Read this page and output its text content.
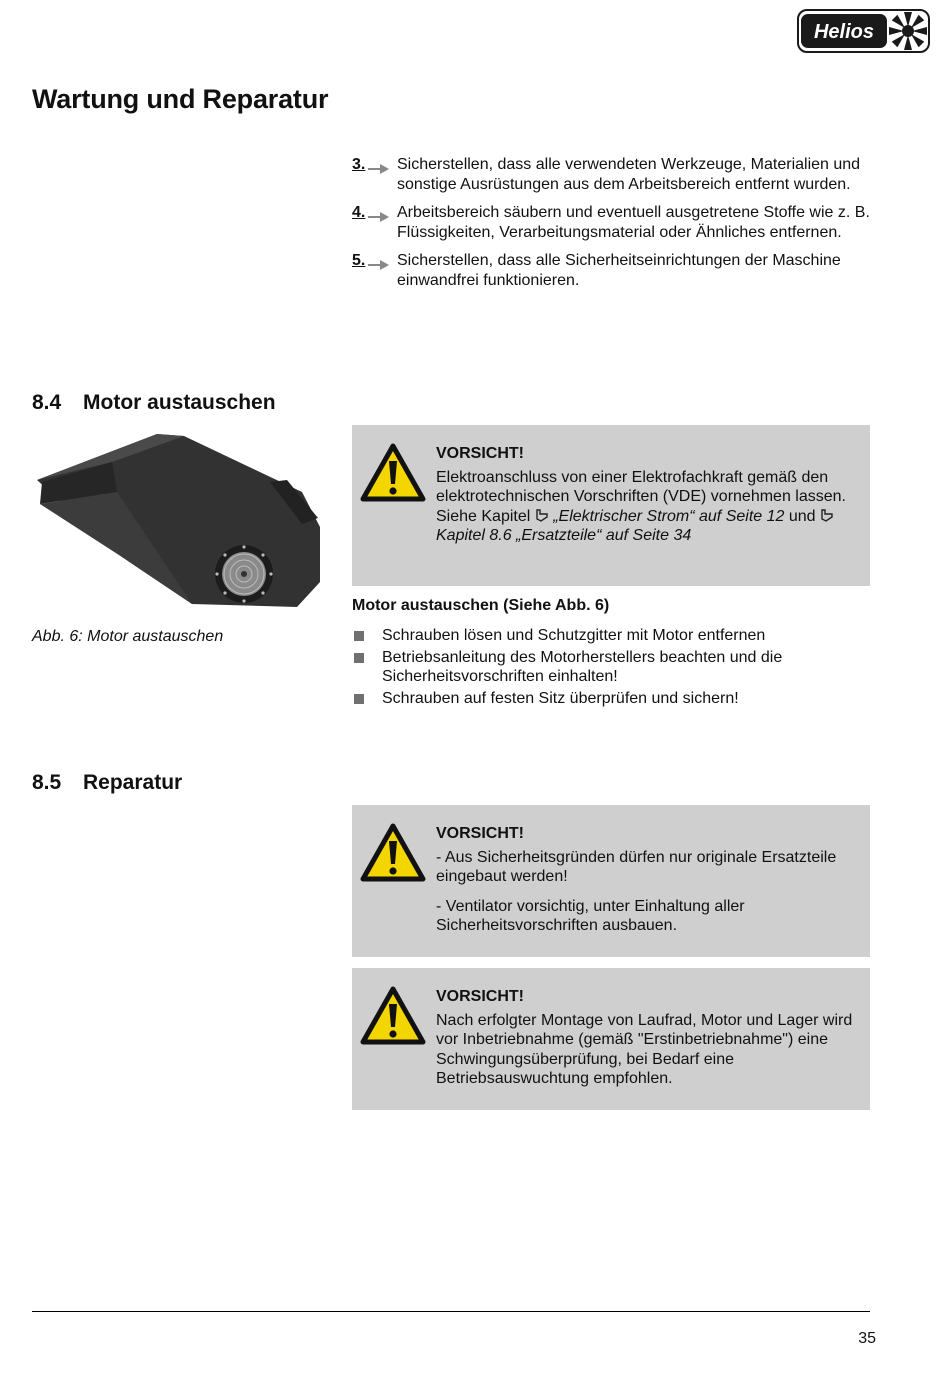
Helios
Wartung und Reparatur
3. Sicherstellen, dass alle verwendeten Werkzeuge, Materialien und sonstige Ausrüstungen aus dem Arbeitsbereich entfernt wurden.
4. Arbeitsbereich säubern und eventuell ausgetretene Stoffe wie z. B. Flüssigkeiten, Verarbeitungsmaterial oder Ähnliches entfernen.
5. Sicherstellen, dass alle Sicherheitseinrichtungen der Maschine einwandfrei funktionieren.
8.4 Motor austauschen
VORSICHT!

Elektroanschluss von einer Elektrofachkraft gemäß den elektrotechnischen Vorschriften (VDE) vornehmen lassen. Siehe Kapitel „Elektrischer Strom“ auf Seite 12 und  Kapitel 8.6 „Ersatzteile“ auf Seite 34

Abb. 6: Motor austauschen
Motor austauschen (Siehe Abb. 6)
Schrauben lösen und Schutzgitter mit Motor entfernen
Betriebsanleitung des Motorherstellers beachten und die Sicherheitsvorschriften einhalten!
Schrauben auf festen Sitz überprüfen und sichern!
8.5 Reparatur
VORSICHT!

- Aus Sicherheitsgründen dürfen nur originale Ersatzteile eingebaut werden!

- Ventilator vorsichtig, unter Einhaltung aller Sicherheitsvorschriften ausbauen.

VORSICHT!

Nach erfolgter Montage von Laufrad, Motor und Lager wird vor Inbetriebnahme (gemäß "Erstinbetriebnahme") eine Schwingungsüberprüfung, bei Bedarf eine Betriebsauswuchtung empfohlen.

35
